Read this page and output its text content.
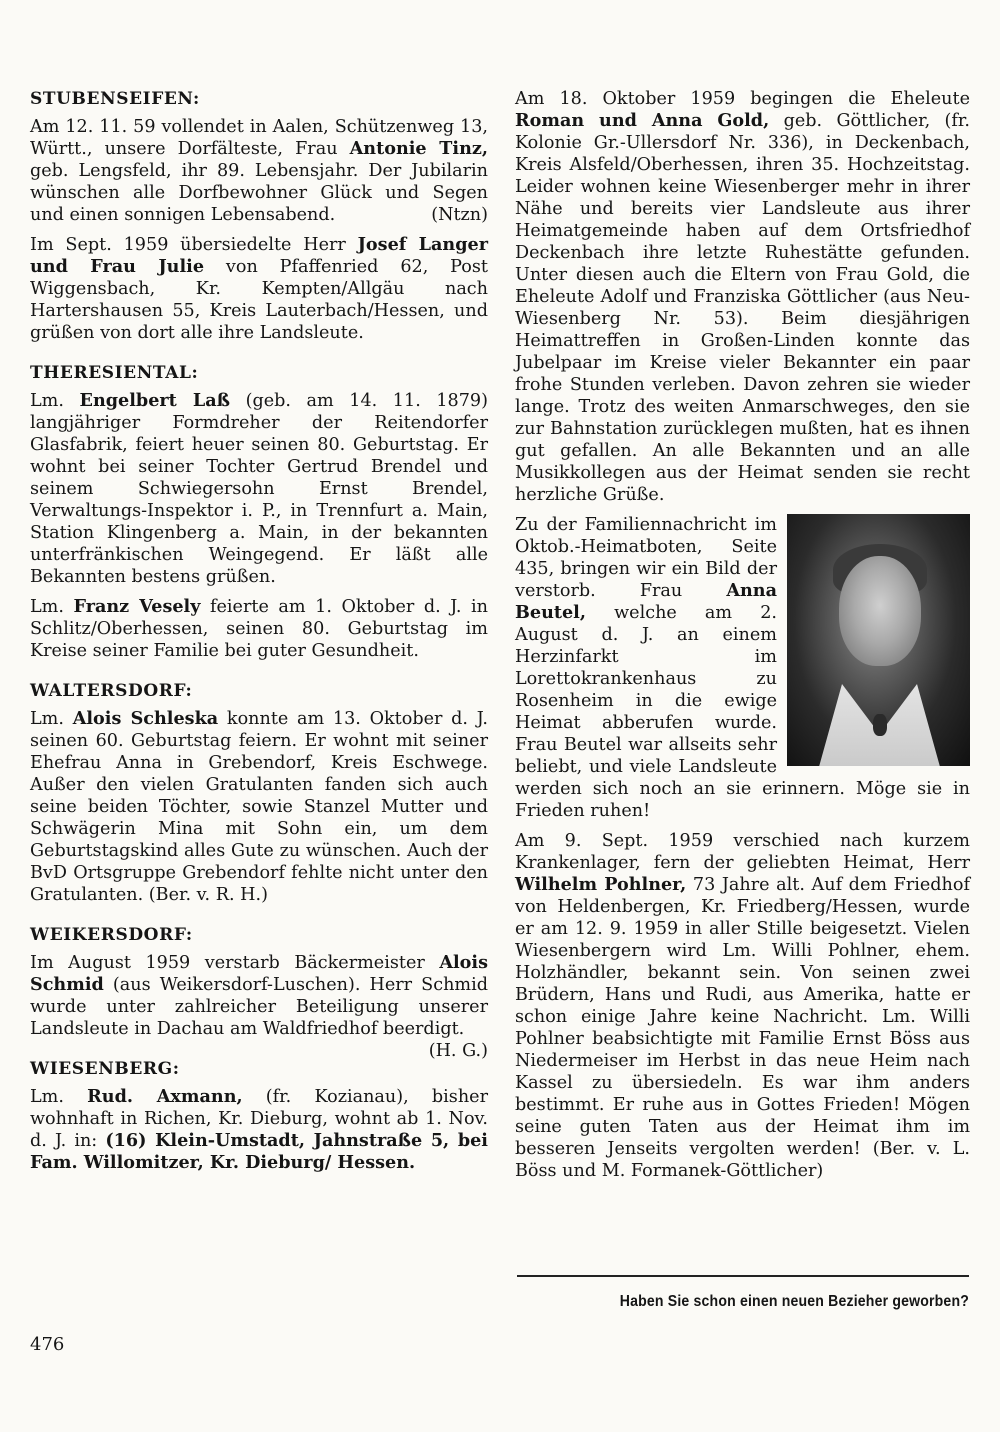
STUBENSEIFEN:

Am 12. 11. 59 vollendet in Aalen, Schützenweg 13, Württ., unsere Dorfälteste, Frau Antonie Tinz, geb. Lengsfeld, ihr 89. Lebensjahr. Der Jubilarin wünschen alle Dorfbewohner Glück und Segen und einen sonnigen Lebensabend.	(Ntzn)

Im Sept. 1959 übersiedelte Herr Josef Langer und Frau Julie von Pfaffenried 62, Post Wiggensbach, Kr. Kempten/Allgäu nach Hartershausen 55, Kreis Lauterbach/Hessen, und grüßen von dort alle ihre Landsleute.

THERESIENTAL:

Lm. Engelbert Laß (geb. am 14. 11. 1879) langjähriger Formdreher der Reitendorfer Glasfabrik, feiert heuer seinen 80. Geburtstag. Er wohnt bei seiner Tochter Gertrud Brendel und seinem Schwiegersohn Ernst Brendel, Verwaltungs-Inspektor i. P., in Trennfurt a. Main, Station Klingenberg a. Main, in der bekannten unterfränkischen Weingegend. Er läßt alle Bekannten bestens grüßen.

Lm. Franz Vesely feierte am 1. Oktober d. J. in Schlitz/Oberhessen, seinen 80. Geburtstag im Kreise seiner Familie bei guter Gesundheit.

WALTERSDORF:

Lm. Alois Schleska konnte am 13. Oktober d. J. seinen 60. Geburtstag feiern. Er wohnt mit seiner Ehefrau Anna in Grebendorf, Kreis Eschwege. Außer den vielen Gratulanten fanden sich auch seine beiden Töchter, sowie Stanzel Mutter und Schwägerin Mina mit Sohn ein, um dem Geburtstagskind alles Gute zu wünschen. Auch der BvD Ortsgruppe Grebendorf fehlte nicht unter den Gratulanten. (Ber. v. R. H.)

WEIKERSDORF:

Im August 1959 verstarb Bäckermeister Alois Schmid (aus Weikersdorf-Luschen). Herr Schmid wurde unter zahlreicher Beteiligung unserer Landsleute in Dachau am Waldfriedhof beerdigt.
(H. G.)

WIESENBERG:

Lm. Rud. Axmann, (fr. Kozianau), bisher wohnhaft in Richen, Kr. Dieburg, wohnt ab 1. Nov. d. J. in: (16) Klein-Umstadt, Jahnstraße 5, bei Fam. Willomitzer, Kr. Dieburg/ Hessen.

Am 18. Oktober 1959 begingen die Eheleute Roman und Anna Gold, geb. Göttlicher, (fr. Kolonie Gr.-Ullersdorf Nr. 336), in Deckenbach, Kreis Alsfeld/Oberhessen, ihren 35. Hochzeitstag. Leider wohnen keine Wiesenberger mehr in ihrer Nähe und bereits vier Landsleute aus ihrer Heimatgemeinde haben auf dem Ortsfriedhof Deckenbach ihre letzte Ruhestätte gefunden. Unter diesen auch die Eltern von Frau Gold, die Eheleute Adolf und Franziska Göttlicher (aus Neu-Wiesenberg Nr. 53). Beim diesjährigen Heimattreffen in Großen-Linden konnte das Jubelpaar im Kreise vieler Bekannter ein paar frohe Stunden verleben. Davon zehren sie wieder lange. Trotz des weiten Anmarschweges, den sie zur Bahnstation zurücklegen mußten, hat es ihnen gut gefallen. An alle Bekannten und an alle Musikkollegen aus der Heimat senden sie recht herzliche Grüße.

Zu der Familiennachricht im Oktob.-Heimatboten, Seite 435, bringen wir ein Bild der verstorb. Frau Anna Beutel, welche am 2. August d. J. an einem Herzinfarkt im Lorettokrankenhaus zu Rosenheim in die ewige Heimat abberufen wurde. Frau Beutel war allseits sehr beliebt, und viele Landsleute werden sich noch an sie erinnern. Möge sie in Frieden ruhen!

Am 9. Sept. 1959 verschied nach kurzem Krankenlager, fern der geliebten Heimat, Herr Wilhelm Pohlner, 73 Jahre alt. Auf dem Friedhof von Heldenbergen, Kr. Friedberg/Hessen, wurde er am 12. 9. 1959 in aller Stille beigesetzt. Vielen Wiesenbergern wird Lm. Willi Pohlner, ehem. Holzhändler, bekannt sein. Von seinen zwei Brüdern, Hans und Rudi, aus Amerika, hatte er schon einige Jahre keine Nachricht. Lm. Willi Pohlner beabsichtigte mit Familie Ernst Böss aus Niedermeiser im Herbst in das neue Heim nach Kassel zu übersiedeln. Es war ihm anders bestimmt. Er ruhe aus in Gottes Frieden! Mögen seine guten Taten aus der Heimat ihm im besseren Jenseits vergolten werden! (Ber. v. L. Böss und M. Formanek-Göttlicher)

Haben Sie schon einen neuen Bezieher geworben?
476
